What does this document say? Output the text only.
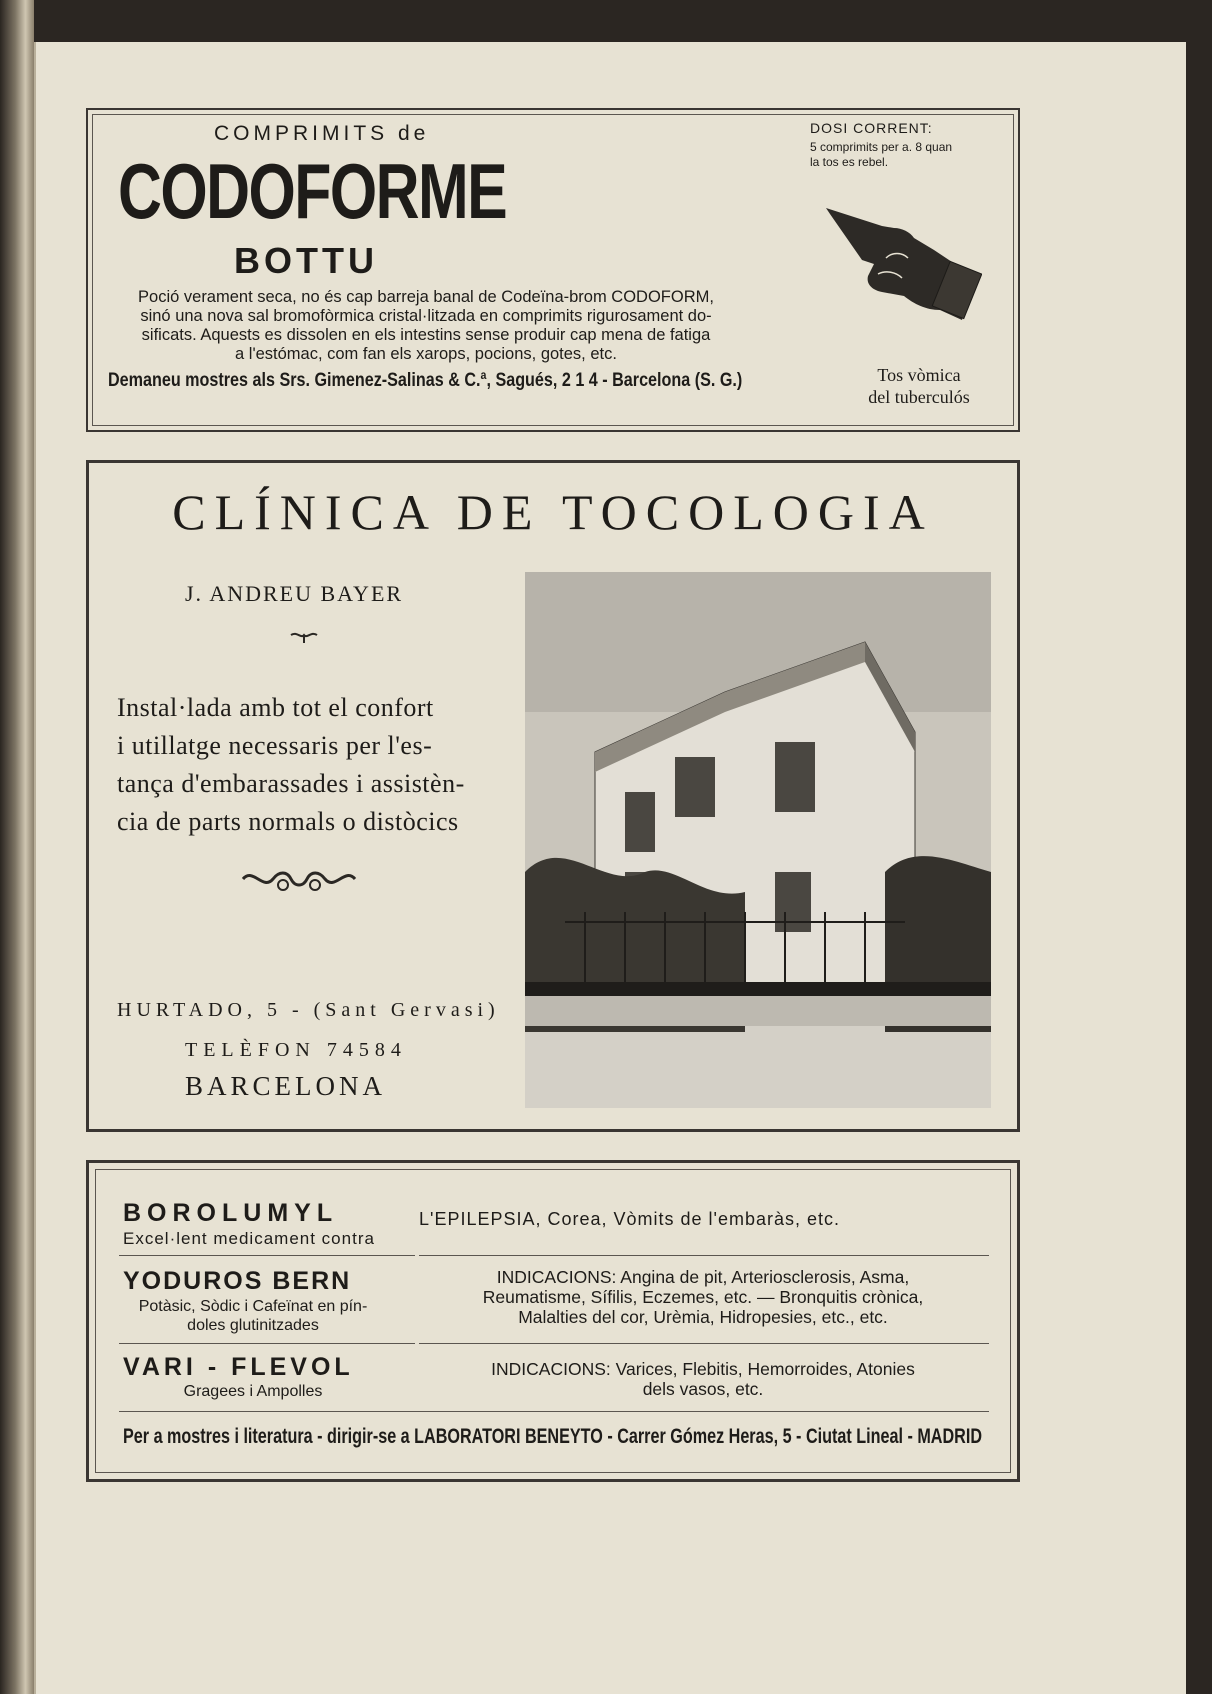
COMPRIMITS de
CODOFORME
BOTTU
Poció verament seca, no és cap barreja banal de Codeïna-brom CODOFORM,
sinó una nova sal bromofòrmica cristal·litzada en comprimits rigurosament do-
sificats. Aquests es dissolen en els intestins sense produir cap mena de fatiga
a l'estómac, com fan els xarops, pocions, gotes, etc.
Demaneu mostres als Srs. Gimenez-Salinas & C.ª, Sagués, 2 1 4 - Barcelona (S. G.)
DOSI CORRENT:
5 comprimits per a. 8 quan
la tos es rebel.
Tos vòmica
del tuberculós
CLÍNICA DE TOCOLOGIA
J. ANDREU BAYER
Instal·lada amb tot el confort
i utillatge necessaris per l'es-
tança d'embarassades i assistèn-
cia de parts normals o distòcics
HURTADO, 5 - (Sant Gervasi)
TELÈFON 74584
BARCELONA
BOROLUMYL
Excel·lent medicament contra
L'EPILEPSIA, Corea, Vòmits de l'embaràs, etc.
YODUROS BERN
Potàsic, Sòdic i Cafeïnat en pín-
doles glutinitzades
INDICACIONS: Angina de pit, Arteriosclerosis, Asma,
Reumatisme, Sífilis, Eczemes, etc. — Bronquitis crònica,
Malalties del cor, Urèmia, Hidropesies, etc., etc.
VARI - FLEVOL
Gragees i Ampolles
INDICACIONS: Varices, Flebitis, Hemorroides, Atonies
dels vasos, etc.
Per a mostres i literatura - dirigir-se a LABORATORI BENEYTO - Carrer Gómez Heras, 5 - Ciutat Lineal - MADRID
